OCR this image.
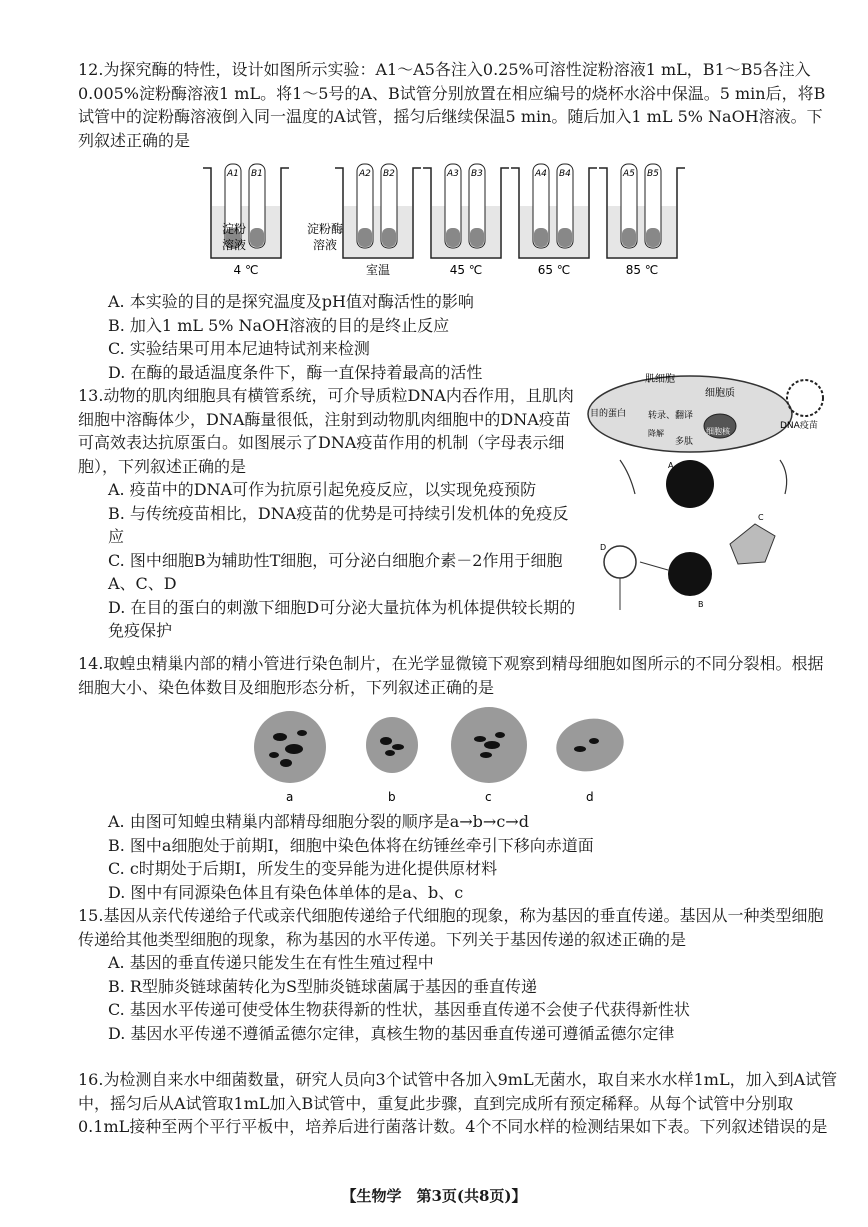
12.为探究酶的特性，设计如图所示实验：A1～A5各注入0.25%可溶性淀粉溶液1 mL，B1～B5各注入0.005%淀粉酶溶液1 mL。将1～5号的A、B试管分别放置在相应编号的烧杯水浴中保温。5 min后，将B试管中的淀粉酶溶液倒入同一温度的A试管，摇匀后继续保温5 min。随后加入1 mL 5% NaOH溶液。下列叙述正确的是

A1 B1
4 ℃
A2 B2
室温
A3 B3
45 ℃
A4 B4
65 ℃
A5 B5
85 ℃
淀粉
溶液
淀粉酶
溶液
A. 本实验的目的是探究温度及pH值对酶活性的影响
B. 加入1 mL 5% NaOH溶液的目的是终止反应
C. 实验结果可用本尼迪特试剂来检测
D. 在酶的最适温度条件下，酶一直保持着最高的活性

13.动物的肌肉细胞具有横管系统，可介导质粒DNA内吞作用，且肌肉细胞中溶酶体少，DNA酶量很低，注射到动物肌肉细胞中的DNA疫苗可高效表达抗原蛋白。如图展示了DNA疫苗作用的机制（字母表示细胞），下列叙述正确的是

A. 疫苗中的DNA可作为抗原引起免疫反应，以实现免疫预防
B. 与传统疫苗相比，DNA疫苗的优势是可持续引发机体的免疫反应
C. 图中细胞B为辅助性T细胞，可分泌白细胞介素－2作用于细胞A、C、D
D. 在目的蛋白的刺激下细胞D可分泌大量抗体为机体提供较长期的免疫保护
肌细胞
细胞质
目的蛋白 转录、翻译
细胞核
降解
多肽
DNA疫苗
A
B
C
D

14.取蝗虫精巢内部的精小管进行染色制片，在光学显微镜下观察到精母细胞如图所示的不同分裂相。根据细胞大小、染色体数目及细胞形态分析，下列叙述正确的是

a	b	c	d
A. 由图可知蝗虫精巢内部精母细胞分裂的顺序是a→b→c→d
B. 图中a细胞处于前期Ⅰ，细胞中染色体将在纺锤丝牵引下移向赤道面
C. c时期处于后期Ⅰ，所发生的变异能为进化提供原材料
D. 图中有同源染色体且有染色体单体的是a、b、c

15.基因从亲代传递给子代或亲代细胞传递给子代细胞的现象，称为基因的垂直传递。基因从一种类型细胞传递给其他类型细胞的现象，称为基因的水平传递。下列关于基因传递的叙述正确的是

A. 基因的垂直传递只能发生在有性生殖过程中
B. R型肺炎链球菌转化为S型肺炎链球菌属于基因的垂直传递
C. 基因水平传递可使受体生物获得新的性状，基因垂直传递不会使子代获得新性状
D. 基因水平传递不遵循孟德尔定律，真核生物的基因垂直传递可遵循孟德尔定律

16.为检测自来水中细菌数量，研究人员向3个试管中各加入9mL无菌水，取自来水水样1mL，加入到A试管中，摇匀后从A试管取1mL加入B试管中，重复此步骤，直到完成所有预定稀释。从每个试管中分别取0.1mL接种至两个平行平板中，培养后进行菌落计数。4个不同水样的检测结果如下表。下列叙述错误的是

【生物学　第3页(共8页)】
